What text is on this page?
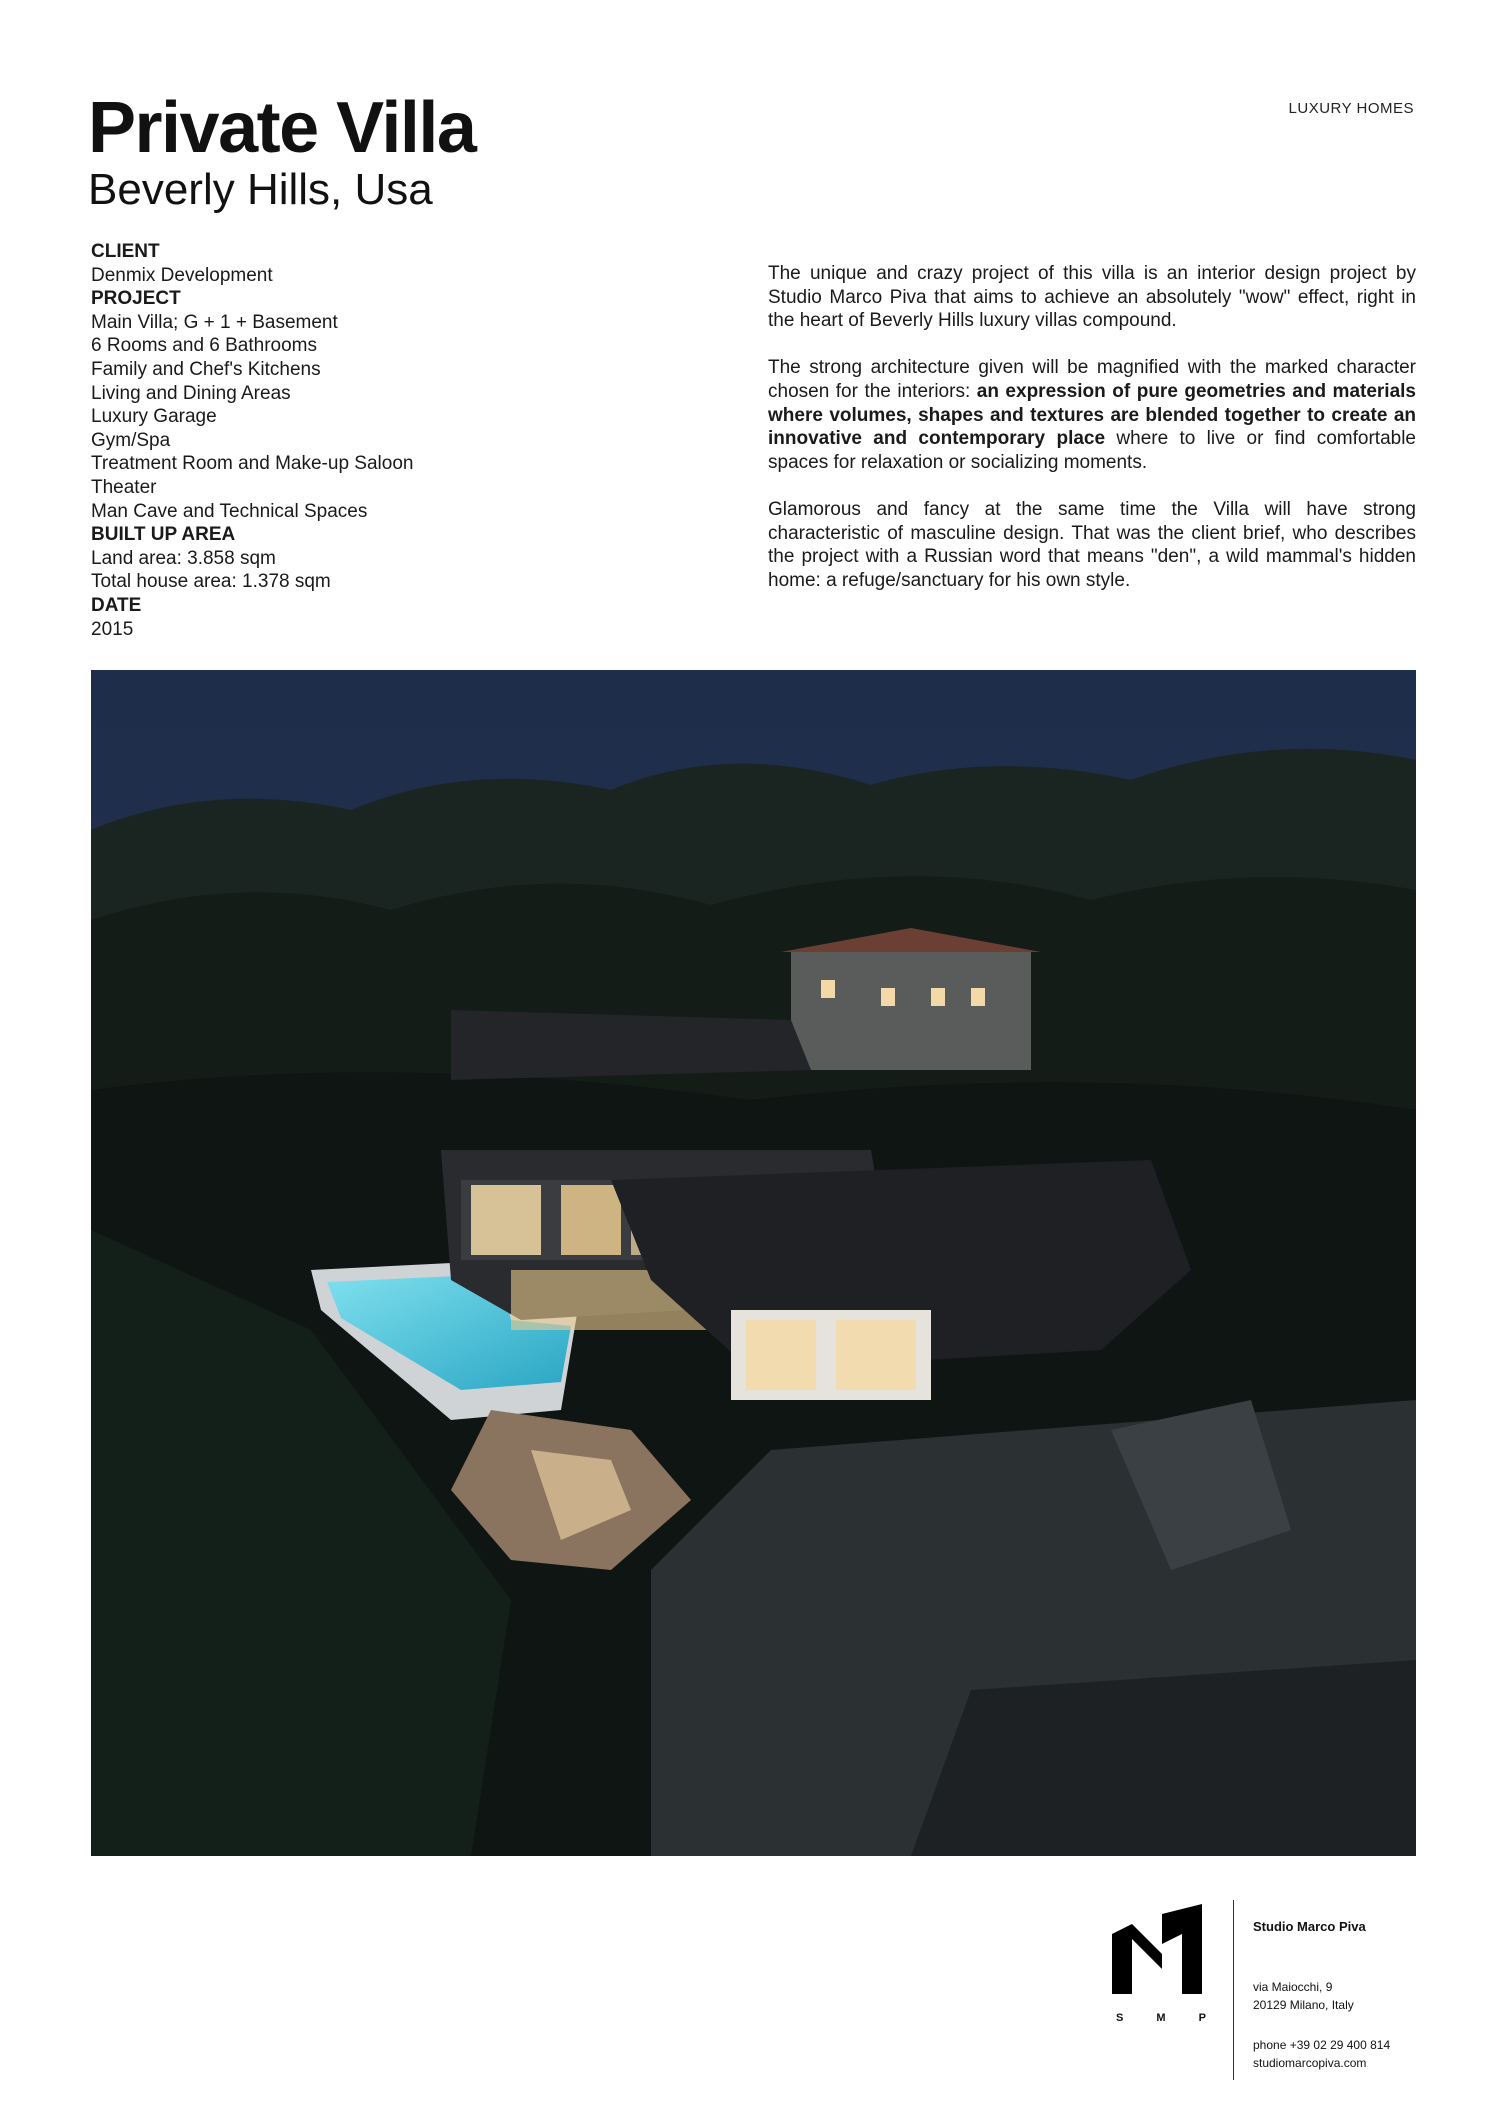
LUXURY HOMES
Private Villa
Beverly Hills, Usa
CLIENT
Denmix Development
PROJECT
Main Villa; G + 1 + Basement
6 Rooms and 6 Bathrooms
Family and Chef's Kitchens
Living and Dining Areas
Luxury Garage
Gym/Spa
Treatment Room and Make-up Saloon
Theater
Man Cave and Technical Spaces
BUILT UP AREA
Land area: 3.858 sqm
Total house area: 1.378 sqm
DATE
2015

The unique and crazy project of this villa is an interior design project by Studio Marco Piva that aims to achieve an absolutely "wow" effect, right in the heart of Beverly Hills luxury villas compound.

The strong architecture given will be magnified with the marked character chosen for the interiors: an expression of pure geometries and materials where volumes, shapes and textures are blended together to create an innovative and contemporary place where to live or find comfortable spaces for relaxation or socializing moments.

Glamorous and fancy at the same time the Villa will have strong characteristic of masculine design. That was the client brief, who describes the project with a Russian word that means "den", a wild mammal's hidden home: a refuge/sanctuary for his own style.

S	M	P
Studio Marco Piva
via Maiocchi, 9
20129 Milano, Italy
phone +39 02 29 400 814
studiomarcopiva.com
